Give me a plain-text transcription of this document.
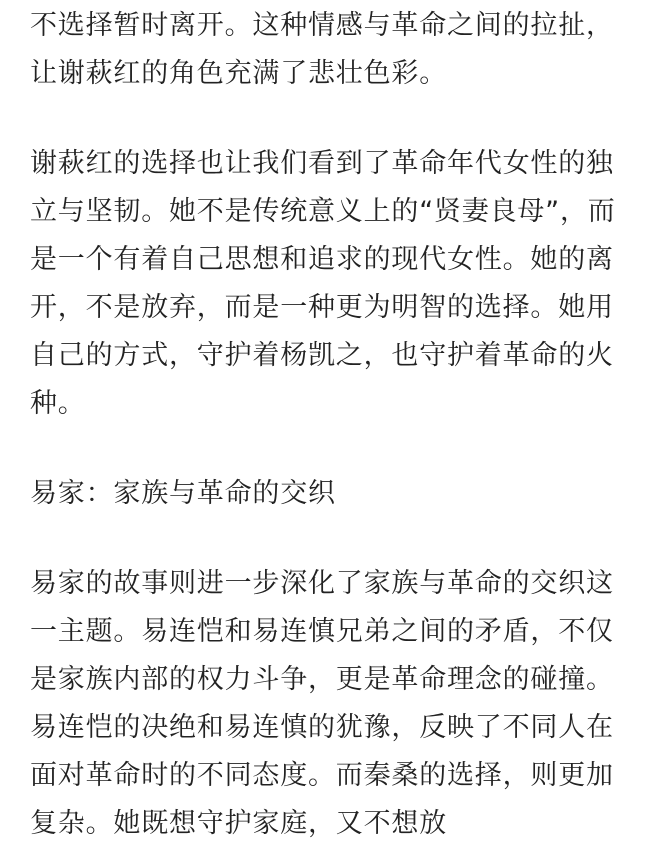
不选择暂时离开。这种情感与革命之间的拉扯，让谢萩红的角色充满了悲壮色彩。

谢萩红的选择也让我们看到了革命年代女性的独立与坚韧。她不是传统意义上的“贤妻良母”，而是一个有着自己思想和追求的现代女性。她的离开，不是放弃，而是一种更为明智的选择。她用自己的方式，守护着杨凯之，也守护着革命的火种。

易家：家族与革命的交织

易家的故事则进一步深化了家族与革命的交织这一主题。易连恺和易连慎兄弟之间的矛盾，不仅是家族内部的权力斗争，更是革命理念的碰撞。易连恺的决绝和易连慎的犹豫，反映了不同人在面对革命时的不同态度。而秦桑的选择，则更加复杂。她既想守护家庭，又不想放
